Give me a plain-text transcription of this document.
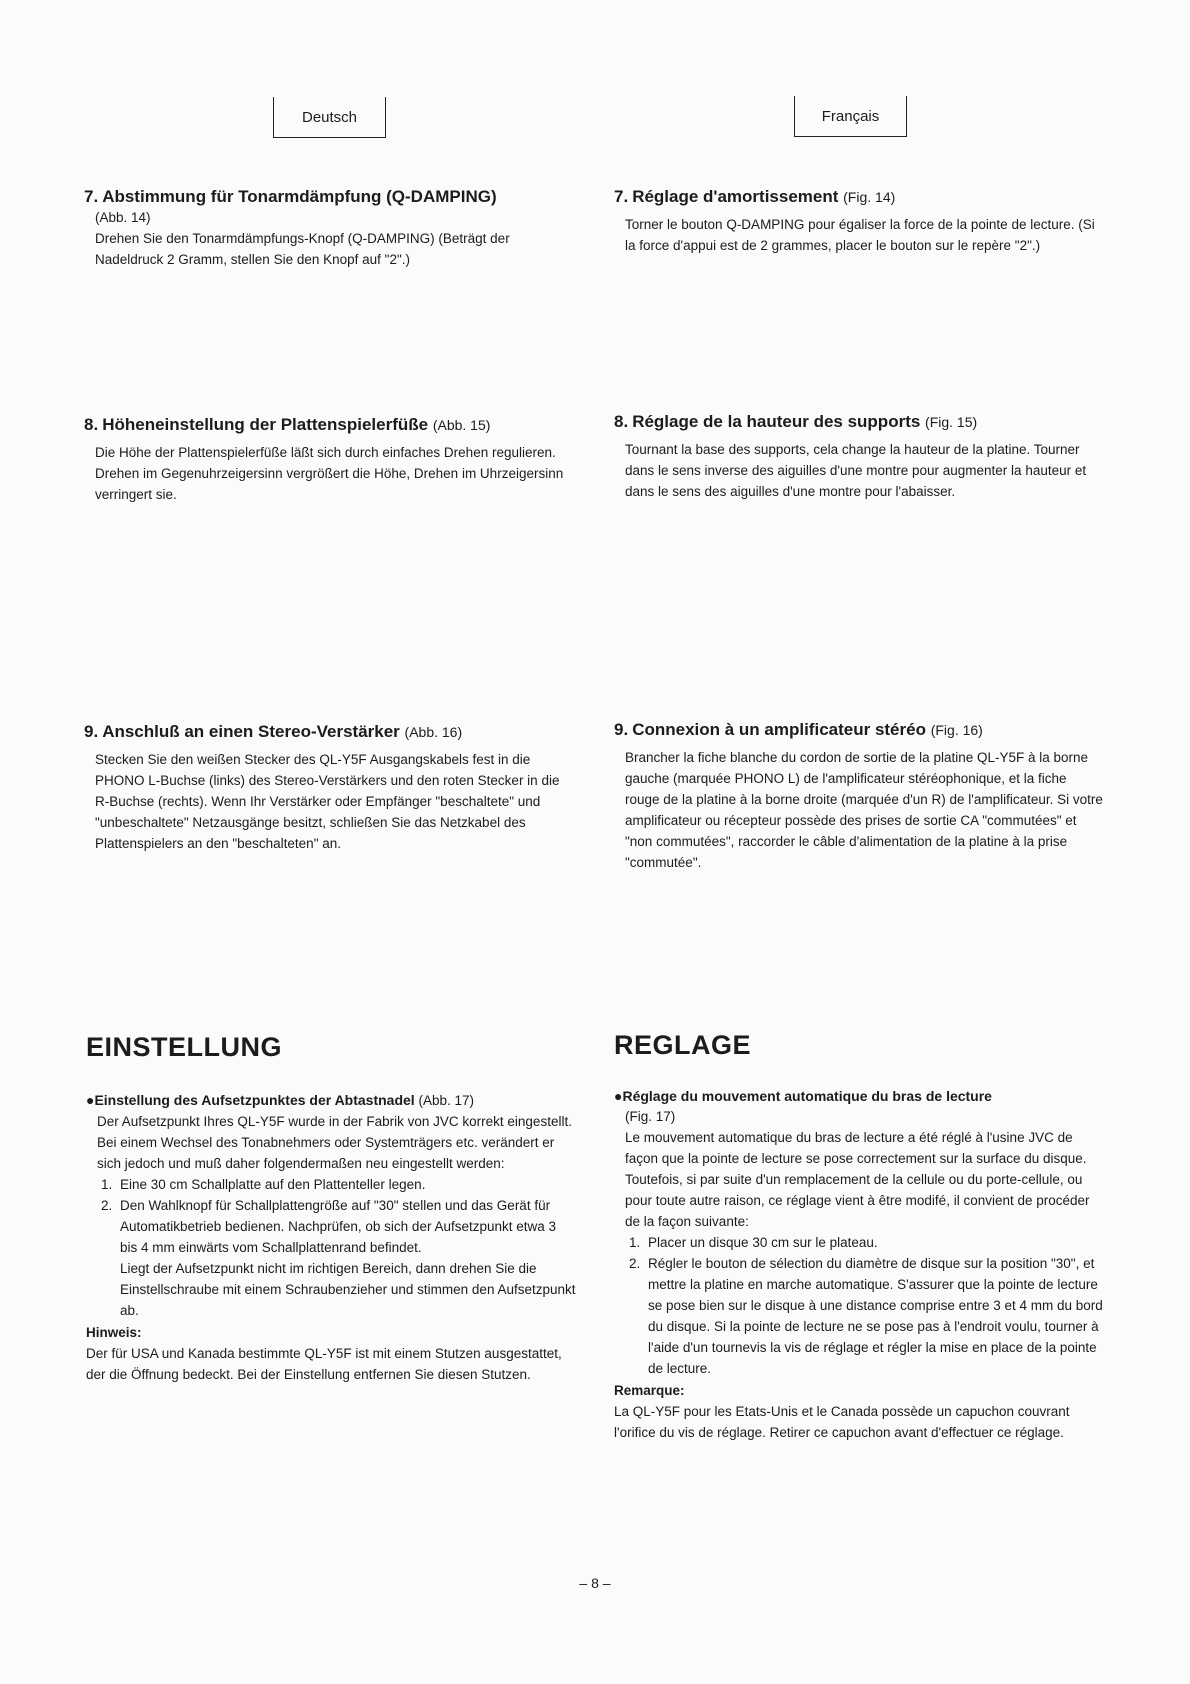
Deutsch	Français
7. Abstimmung für Tonarmdämpfung (Q-DAMPING)
(Abb. 14)

Drehen Sie den Tonarmdämpfungs-Knopf (Q-DAMPING) (Beträgt der Nadeldruck 2 Gramm, stellen Sie den Knopf auf "2".)

7. Réglage d'amortissement (Fig. 14)

Torner le bouton Q-DAMPING pour égaliser la force de la pointe de lecture. (Si la force d'appui est de 2 grammes, placer le bouton sur le repère "2".)

8. Höheneinstellung der Plattenspielerfüße (Abb. 15)

Die Höhe der Plattenspielerfüße läßt sich durch einfaches Drehen regulieren. Drehen im Gegenuhrzeigersinn vergrößert die Höhe, Drehen im Uhrzeigersinn verringert sie.

8. Réglage de la hauteur des supports (Fig. 15)

Tournant la base des supports, cela change la hauteur de la platine. Tourner dans le sens inverse des aiguilles d'une montre pour augmenter la hauteur et dans le sens des aiguilles d'une montre pour l'abaisser.

9. Anschluß an einen Stereo-Verstärker (Abb. 16)

Stecken Sie den weißen Stecker des QL-Y5F Ausgangskabels fest in die PHONO L-Buchse (links) des Stereo-Verstärkers und den roten Stecker in die R-Buchse (rechts). Wenn Ihr Verstärker oder Empfänger "beschaltete" und "unbeschaltete" Netzausgänge besitzt, schließen Sie das Netzkabel des Plattenspielers an den "beschalteten" an.

9. Connexion à un amplificateur stéréo (Fig. 16)

Brancher la fiche blanche du cordon de sortie de la platine QL-Y5F à la borne gauche (marquée PHONO L) de l'amplificateur stéréophonique, et la fiche rouge de la platine à la borne droite (marquée d'un R) de l'amplificateur. Si votre amplificateur ou récepteur possède des prises de sortie CA "commutées" et "non commutées", raccorder le câble d'alimentation de la platine à la prise "commutée".

EINSTELLUNG	REGLAGE
●Einstellung des Aufsetzpunktes der Abtastnadel (Abb. 17)
Der Aufsetzpunkt Ihres QL-Y5F wurde in der Fabrik von JVC korrekt eingestellt. Bei einem Wechsel des Tonabnehmers oder Systemträgers etc. verändert er sich jedoch und muß daher folgendermaßen neu eingestellt werden:
1. Eine 30 cm Schallplatte auf den Plattenteller legen.
2. Den Wahlknopf für Schallplattengröße auf "30" stellen und das Gerät für Automatikbetrieb bedienen. Nachprüfen, ob sich der Aufsetzpunkt etwa 3 bis 4 mm einwärts vom Schallplattenrand befindet.
Liegt der Aufsetzpunkt nicht im richtigen Bereich, dann drehen Sie die Einstellschraube mit einem Schraubenzieher und stimmen den Aufsetzpunkt ab.
Hinweis:

Der für USA und Kanada bestimmte QL-Y5F ist mit einem Stutzen ausgestattet, der die Öffnung bedeckt. Bei der Einstellung entfernen Sie diesen Stutzen.

●Réglage du mouvement automatique du bras de lecture
(Fig. 17)
Le mouvement automatique du bras de lecture a été réglé à l'usine JVC de façon que la pointe de lecture se pose correctement sur la surface du disque. Toutefois, si par suite d'un remplacement de la cellule ou du porte-cellule, ou pour toute autre raison, ce réglage vient à être modifé, il convient de procéder de la façon suivante:
1. Placer un disque 30 cm sur le plateau.
2. Régler le bouton de sélection du diamètre de disque sur la position "30", et mettre la platine en marche automatique. S'assurer que la pointe de lecture se pose bien sur le disque à une distance comprise entre 3 et 4 mm du bord du disque. Si la pointe de lecture ne se pose pas à l'endroit voulu, tourner à l'aide d'un tournevis la vis de réglage et régler la mise en place de la pointe de lecture.
Remarque:

La QL-Y5F pour les Etats-Unis et le Canada possède un capuchon couvrant l'orifice du vis de réglage. Retirer ce capuchon avant d'effectuer ce réglage.

– 8 –
